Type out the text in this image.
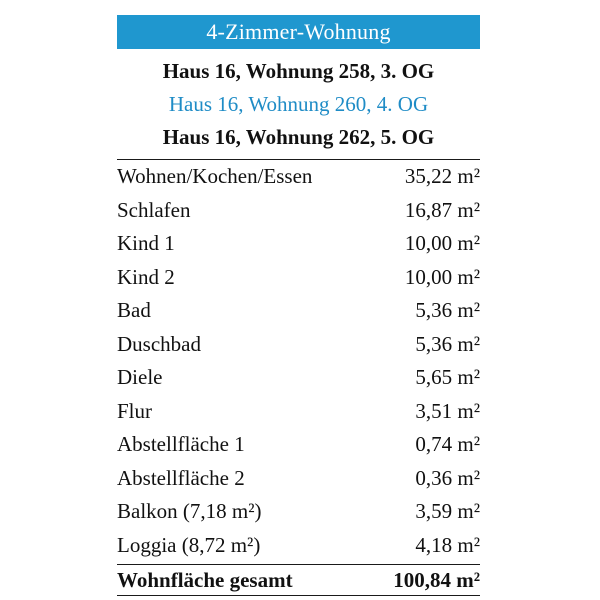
4-Zimmer-Wohnung
Haus 16, Wohnung 258, 3. OG
Haus 16, Wohnung 260, 4. OG
Haus 16, Wohnung 262, 5. OG
Wohnen/Kochen/Essen	35,22 m²
Schlafen	16,87 m²
Kind 1	10,00 m²
Kind 2	10,00 m²
Bad	5,36 m²
Duschbad	5,36 m²
Diele	5,65 m²
Flur	3,51 m²
Abstellfläche 1	0,74 m²
Abstellfläche 2	0,36 m²
Balkon (7,18 m²)	3,59 m²
Loggia (8,72 m²)	4,18 m²
Wohnfläche gesamt	100,84 m²
